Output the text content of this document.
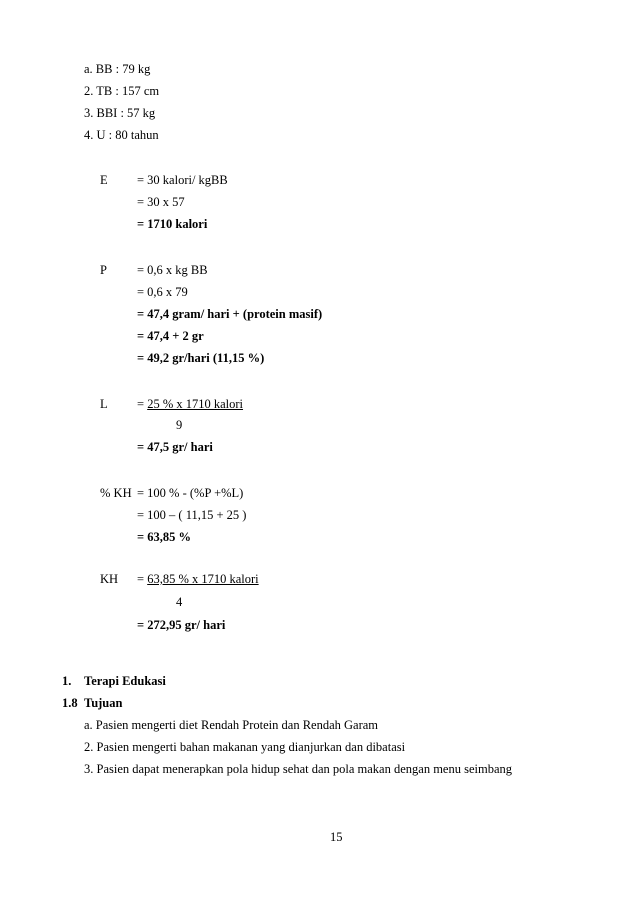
a. BB : 79 kg
2. TB : 157 cm
3. BBI : 57 kg
4. U : 80 tahun
E = 30 kalori/ kgBB
= 30 x 57
= 1710 kalori
P = 0,6 x kg BB
= 0,6 x 79
= 47,4 gram/ hari + (protein masif)
= 47,4 + 2 gr
= 49,2 gr/hari (11,15 %)
L = 25 % x 1710 kalori
9
= 47,5 gr/ hari
% KH = 100 % - (%P +%L)
= 100 – ( 11,15 + 25 )
= 63,85 %
KH = 63,85 % x 1710 kalori
4
= 272,95 gr/ hari
1. Terapi Edukasi
1.8 Tujuan
a. Pasien mengerti diet Rendah Protein dan Rendah Garam
2. Pasien mengerti bahan makanan yang dianjurkan dan dibatasi
3. Pasien dapat menerapkan pola hidup sehat dan pola makan dengan menu seimbang
15
